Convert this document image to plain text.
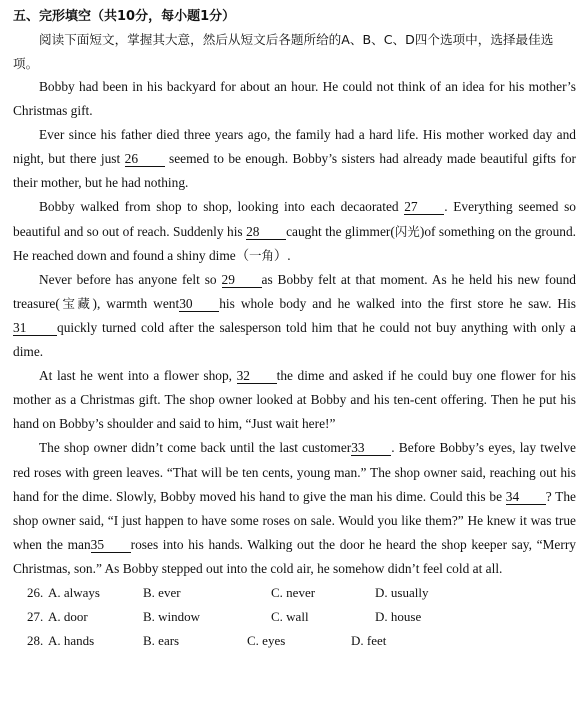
五、完形填空（共10分，每小题1分）
阅读下面短文，掌握其大意，然后从短文后各题所给的A、B、C、D四个选项中，选择最佳选项。
Bobby had been in his backyard for about an hour. He could not think of an idea for his mother’s Christmas gift.
Ever since his father died three years ago, the family had a hard life. His mother worked day and night, but there just 26 seemed to be enough. Bobby’s sisters had already made beautiful gifts for their mother, but he had nothing.
Bobby walked from shop to shop, looking into each decaorated 27 . Everything seemed so beautiful and so out of reach. Suddenly his 28 caught the glimmer(闪光)of something on the ground. He reached down and found a shiny dime（一角）.
Never before has anyone felt so 29 as Bobby felt at that moment. As he held his new found treasure(宝藏), warmth went30 his whole body and he walked into the first store he saw. His 31 quickly turned cold after the salesperson told him that he could not buy anything with only a dime.
At last he went into a flower shop, 32 the dime and asked if he could buy one flower for his mother as a Christmas gift. The shop owner looked at Bobby and his ten-cent offering. Then he put his hand on Bobby’s shoulder and said to him, “Just wait here!”
The shop owner didn’t come back until the last customer33 . Before Bobby’s eyes, lay twelve red roses with green leaves. “That will be ten cents, young man.” The shop owner said, reaching out his hand for the dime. Slowly, Bobby moved his hand to give the man his dime. Could this be 34 ? The shop owner said, “I just happen to have some roses on sale. Would you like them?” He knew it was true when the man35 roses into his hands. Walking out the door he heard the shop keeper say, “Merry Christmas, son.” As Bobby stepped out into the cold air, he somehow didn’t feel cold at all.
26. A. always	B. ever	C. never	D. usually
27. A. door	B. window	C. wall	D. house
28. A. hands	B. ears	C. eyes	D. feet
